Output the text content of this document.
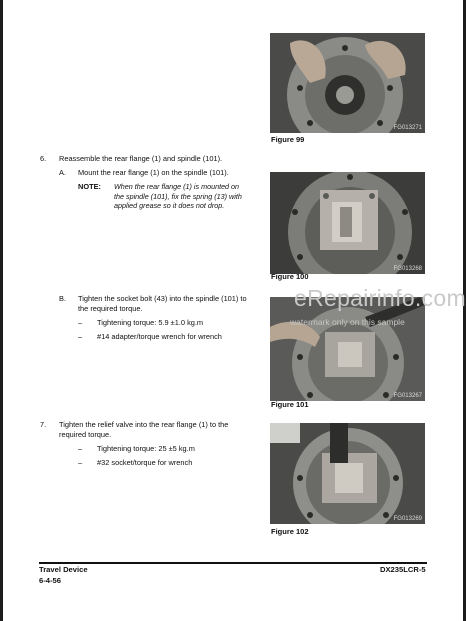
FG013271
Figure 99
FG013268
Figure 100
FG013267
Figure 101
FG013269
Figure 102
6. Reassemble the rear flange (1) and spindle (101).
A. Mount the rear flange (1) on the spindle (101).
NOTE: When the rear flange (1) is mounted on
the spindle (101), fix the spring (13) with
applied grease so it does not drop.
B. Tighten the socket bolt (43) into the spindle (101) to
the required torque.
– Tightening torque: 5.9 ±1.0 kg.m
– #14 adapter/torque wrench for wrench
7. Tighten the relief valve into the rear flange (1) to the
required torque.
– Tightening torque: 25 ±5 kg.m
– #32 socket/torque for wrench
eRepairinfo.com
watermark only on this sample
Travel Device
6-4-56
DX235LCR-5
